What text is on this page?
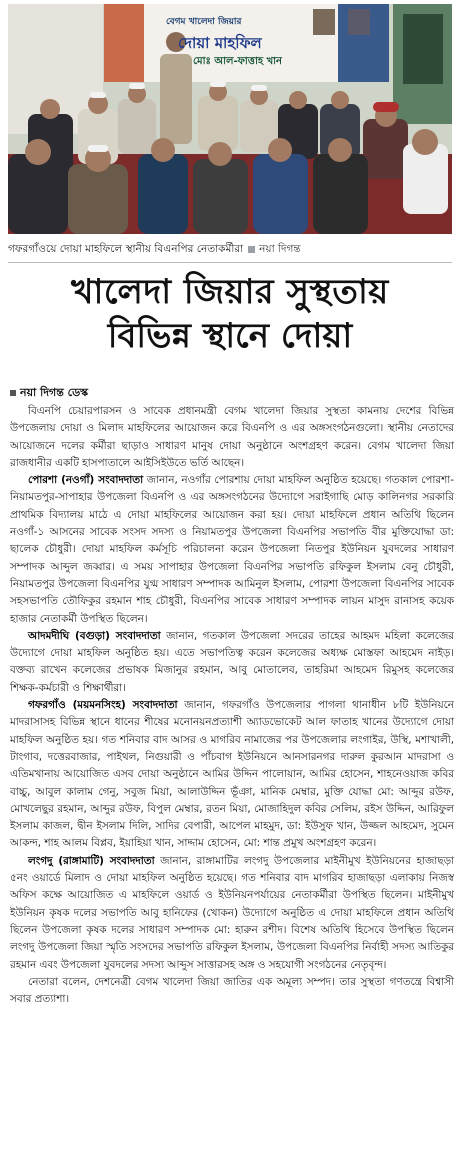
বেগম খালেদা জিয়ার
দোয়া মাহফিল
মোঃ আল-ফাত্তাহ খান
গফরগাঁওয়ে দোয়া মাহফিলে স্থানীয় বিএনপির নেতাকর্মীরা নয়া দিগন্ত
খালেদা জিয়ার সুস্থতায়
বিভিন্ন স্থানে দোয়া
নয়া দিগন্ত ডেস্ক

বিএনপি চেয়ারপারসন ও সাবেক প্রধানমন্ত্রী বেগম খালেদা জিয়ার সুস্থতা কামনায় দেশের বিভিন্ন উপজেলায় দোয়া ও মিলাদ মাহফিলের আয়োজন করে বিএনপি ও এর অঙ্গসংগঠনগুলো। স্থানীয় নেতাদের আয়োজনে দলের কর্মীরা ছাড়াও সাধারণ মানুষ দোয়া অনুষ্ঠানে অংশগ্রহণ করেন। বেগম খালেদা জিয়া রাজধানীর একটি হাসপাতালে আইসিইউতে ভর্তি আছেন।

পোরশা (নওগাঁ) সংবাদদাতা জানান, নওগাঁর পোরশায় দোয়া মাহফিল অনুষ্ঠিত হয়েছে। গতকাল পোরশা-নিয়ামতপুর-সাপাহার উপজেলা বিএনপি ও এর অঙ্গসংগঠনের উদ্যোগে সরাইগাছি মোড় কালিনগর সরকারি প্রাথমিক বিদ্যালয় মাঠে এ দোয়া মাহফিলের আয়োজন করা হয়। দোয়া মাহফিলে প্রধান অতিথি ছিলেন নওগাঁ-১ আসনের সাবেক সংসদ সদস্য ও নিয়ামতপুর উপজেলা বিএনপির সভাপতি বীর মুক্তিযোদ্ধা ডা: ছালেক চৌধুরী। দোয়া মাহফিল কর্মসূচি পরিচালনা করেন উপজেলা নিতপুর ইউনিয়ন যুবদলের সাধারণ সম্পাদক আব্দুল জব্বার। এ সময় সাপাহার উপজেলা বিএনপির সভাপতি রফিকুল ইসলাম বেনু চৌধুরী, নিয়ামতপুর উপজেলা বিএনপির যুগ্ম সাধারণ সম্পাদক আমিনুল ইসলাম, পোরশা উপজেলা বিএনপির সাবেক সহসভাপতি তৌফিকুর রহমান শাহ চৌধুরী, বিএনপির সাবেক সাধারণ সম্পাদক লায়ন মাসুদ রানাসহ কয়েক হাজার নেতাকর্মী উপস্থিত ছিলেন।

আদমদীঘি (বগুড়া) সংবাদদাতা জানান, গতকাল উপজেলা সদরের তাহের আহমদ মহিলা কলেজের উদ্যোগে দোয়া মাহফিল অনুষ্ঠিত হয়। এতে সভাপতিত্ব করেন কলেজের অধ্যক্ষ মোস্তফা আহমেদ নাইড়। বক্তব্য রাখেন কলেজের প্রভাষক মিজানুর রহমান, আবু মোতালেব, তাহরিমা আহমেদ রিমুসহ কলেজের শিক্ষক-কর্মচারী ও শিক্ষার্থীরা।

গফরগাঁও (ময়মনসিংহ) সংবাদদাতা জানান, গফরগাঁও উপজেলার পাগলা থানাধীন ৮টি ইউনিয়নে মাদরাসাসহ বিভিন্ন স্থানে ধানের শীষের মনোনয়নপ্রত্যাশী অ্যাডভোকেট আল ফাতাহ খানের উদ্যোগে দোয়া মাহফিল অনুষ্ঠিত হয়। গত শনিবার বাদ আসর ও মাগরিব নামাজের পর উপজেলার লংগাইর, উস্থি, মশাখালী, টাংগাব, দত্তেরবাজার, পাইথল, নিগুয়ারী ও পাঁচবাগ ইউনিয়নে আনসারনগর দারুল কুরআন মাদরাসা ও এতিমখানায় আয়োজিত এসব দোয়া অনুষ্ঠানে আমির উদ্দিন পালোয়ান, আমির হোসেন, শাহনেওয়াজ কবির বাচ্চু, আবুল কালাম গেনু, সবুজ মিয়া, আলাউদ্দিন ভূঁঞা, মানিক মেম্বার, মুক্তি যোদ্ধা মো: আব্দুর রউফ, মোখলেছুর রহমান, আব্দুর রউফ, বিপুল মেম্বার, রতন মিয়া, মোজাহিদুল কবির সেলিম, রইস উদ্দিন, আরিফুল ইসলাম কাজল, দ্বীন ইসলাম দিলি, সাদির বেপারী, আপেল মাহমুদ, ডা: ইউসুফ খান, উজ্জল আহমেদ, সুমেন আকন্দ, শাহ আলম বিপ্লব, ইয়াহিয়া খান, সাদ্দাম হোসেন, মো: শান্ত প্রমুখ অংশগ্রহণ করেন।

লংগদু (রাঙ্গামাটি) সংবাদদাতা জানান, রাঙ্গামাটির লংগদু উপজেলার মাইনীমুখ ইউনিয়নের হাজাছড়া ৫নং ওয়ার্ডে মিলাদ ও দোয়া মাহফিল অনুষ্ঠিত হয়েছে। গত শনিবার বাদ মাগরিব হাজাছড়া এলাকায় নিজস্ব অফিস কক্ষে আয়োজিত এ মাহফিলে ওয়ার্ড ও ইউনিয়নপর্যায়ের নেতাকর্মীরা উপস্থিত ছিলেন। মাইনীমুখ ইউনিয়ন কৃষক দলের সভাপতি আবু হানিফের (খোকন) উদ্যোগে অনুষ্ঠিত এ দোয়া মাহফিলে প্রধান অতিথি ছিলেন উপজেলা কৃষক দলের সাধারণ সম্পাদক মো: হারুন রশীদ। বিশেষ অতিথি হিসেবে উপস্থিত ছিলেন লংগদু উপজেলা জিয়া স্মৃতি সংসদের সভাপতি রফিকুল ইসলাম, উপজেলা বিএনপির নির্বাহী সদস্য আতিকুর রহমান এবং উপজেলা যুবদলের সদস্য আব্দুস সাত্তারসহ অঙ্গ ও সহযোগী সংগঠনের নেতৃবৃন্দ।

নেতারা বলেন, দেশনেত্রী বেগম খালেদা জিয়া জাতির এক অমূল্য সম্পদ। তার সুস্থতা গণতন্ত্রে বিশ্বাসী সবার প্রত্যাশা।
